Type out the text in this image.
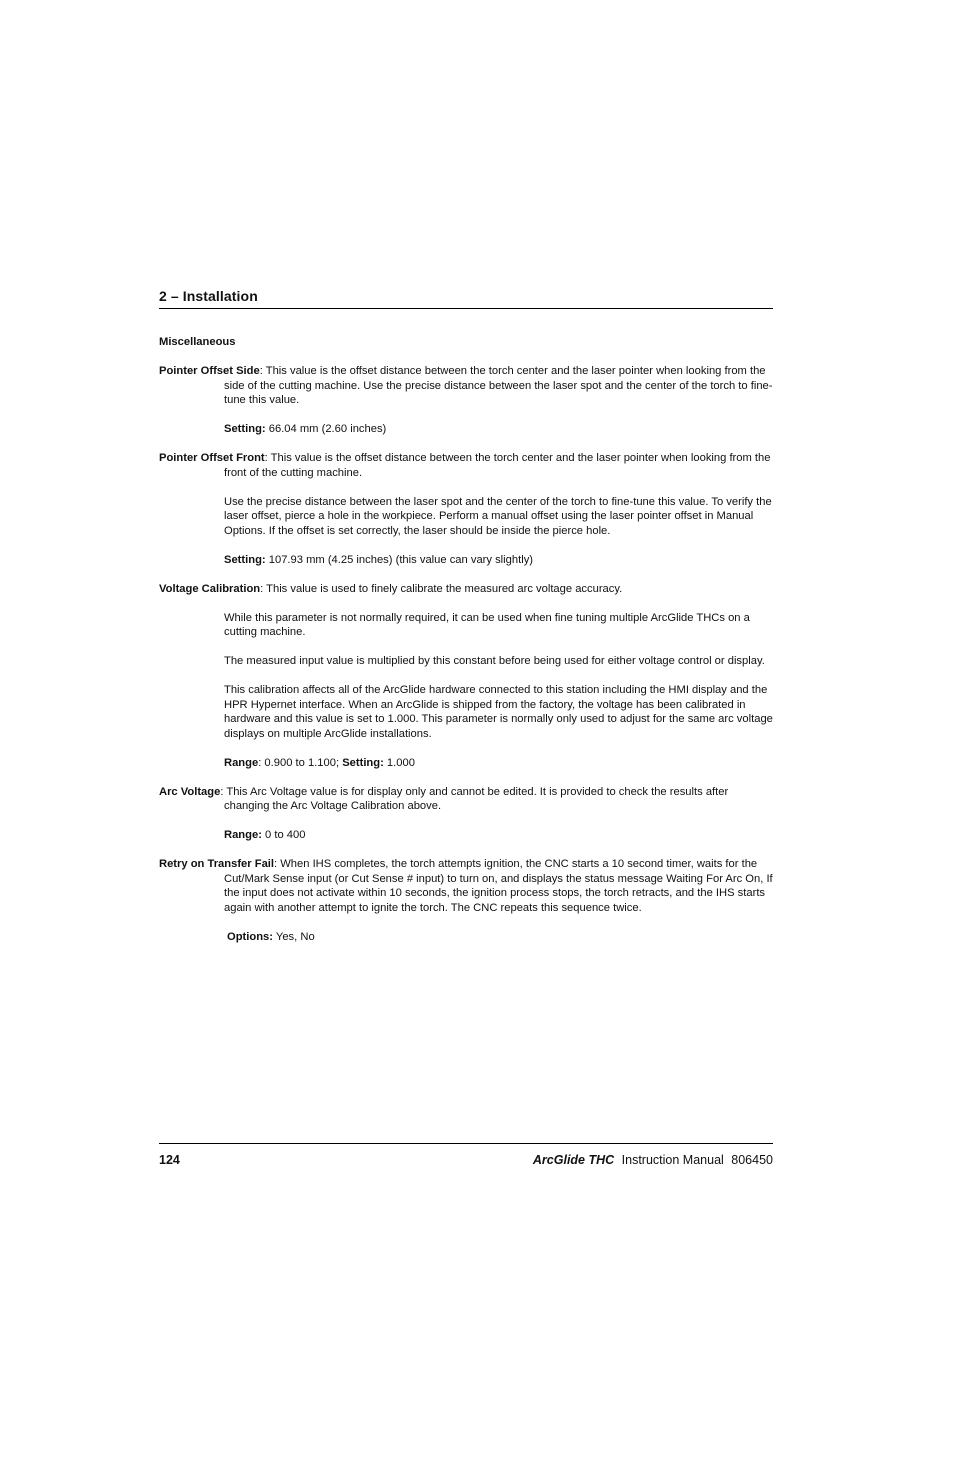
2 – Installation
Miscellaneous
Pointer Offset Side: This value is the offset distance between the torch center and the laser pointer when looking from the side of the cutting machine. Use the precise distance between the laser spot and the center of the torch to fine-tune this value.
Setting: 66.04 mm (2.60 inches)
Pointer Offset Front: This value is the offset distance between the torch center and the laser pointer when looking from the front of the cutting machine.
Use the precise distance between the laser spot and the center of the torch to fine-tune this value. To verify the laser offset, pierce a hole in the workpiece. Perform a manual offset using the laser pointer offset in Manual Options. If the offset is set correctly, the laser should be inside the pierce hole.
Setting: 107.93 mm (4.25 inches) (this value can vary slightly)
Voltage Calibration: This value is used to finely calibrate the measured arc voltage accuracy.
While this parameter is not normally required, it can be used when fine tuning multiple ArcGlide THCs on a cutting machine.
The measured input value is multiplied by this constant before being used for either voltage control or display.
This calibration affects all of the ArcGlide hardware connected to this station including the HMI display and the HPR Hypernet interface. When an ArcGlide is shipped from the factory, the voltage has been calibrated in hardware and this value is set to 1.000. This parameter is normally only used to adjust for the same arc voltage displays on multiple ArcGlide installations.
Range: 0.900 to 1.100; Setting: 1.000
Arc Voltage: This Arc Voltage value is for display only and cannot be edited. It is provided to check the results after changing the Arc Voltage Calibration above.
Range: 0 to 400
Retry on Transfer Fail: When IHS completes, the torch attempts ignition, the CNC starts a 10 second timer, waits for the Cut/Mark Sense input (or Cut Sense # input) to turn on, and displays the status message Waiting For Arc On, If the input does not activate within 10 seconds, the ignition process stops, the torch retracts, and the IHS starts again with another attempt to ignite the torch. The CNC repeats this sequence twice.
Options: Yes, No
124	ArcGlide THC Instruction Manual 806450
